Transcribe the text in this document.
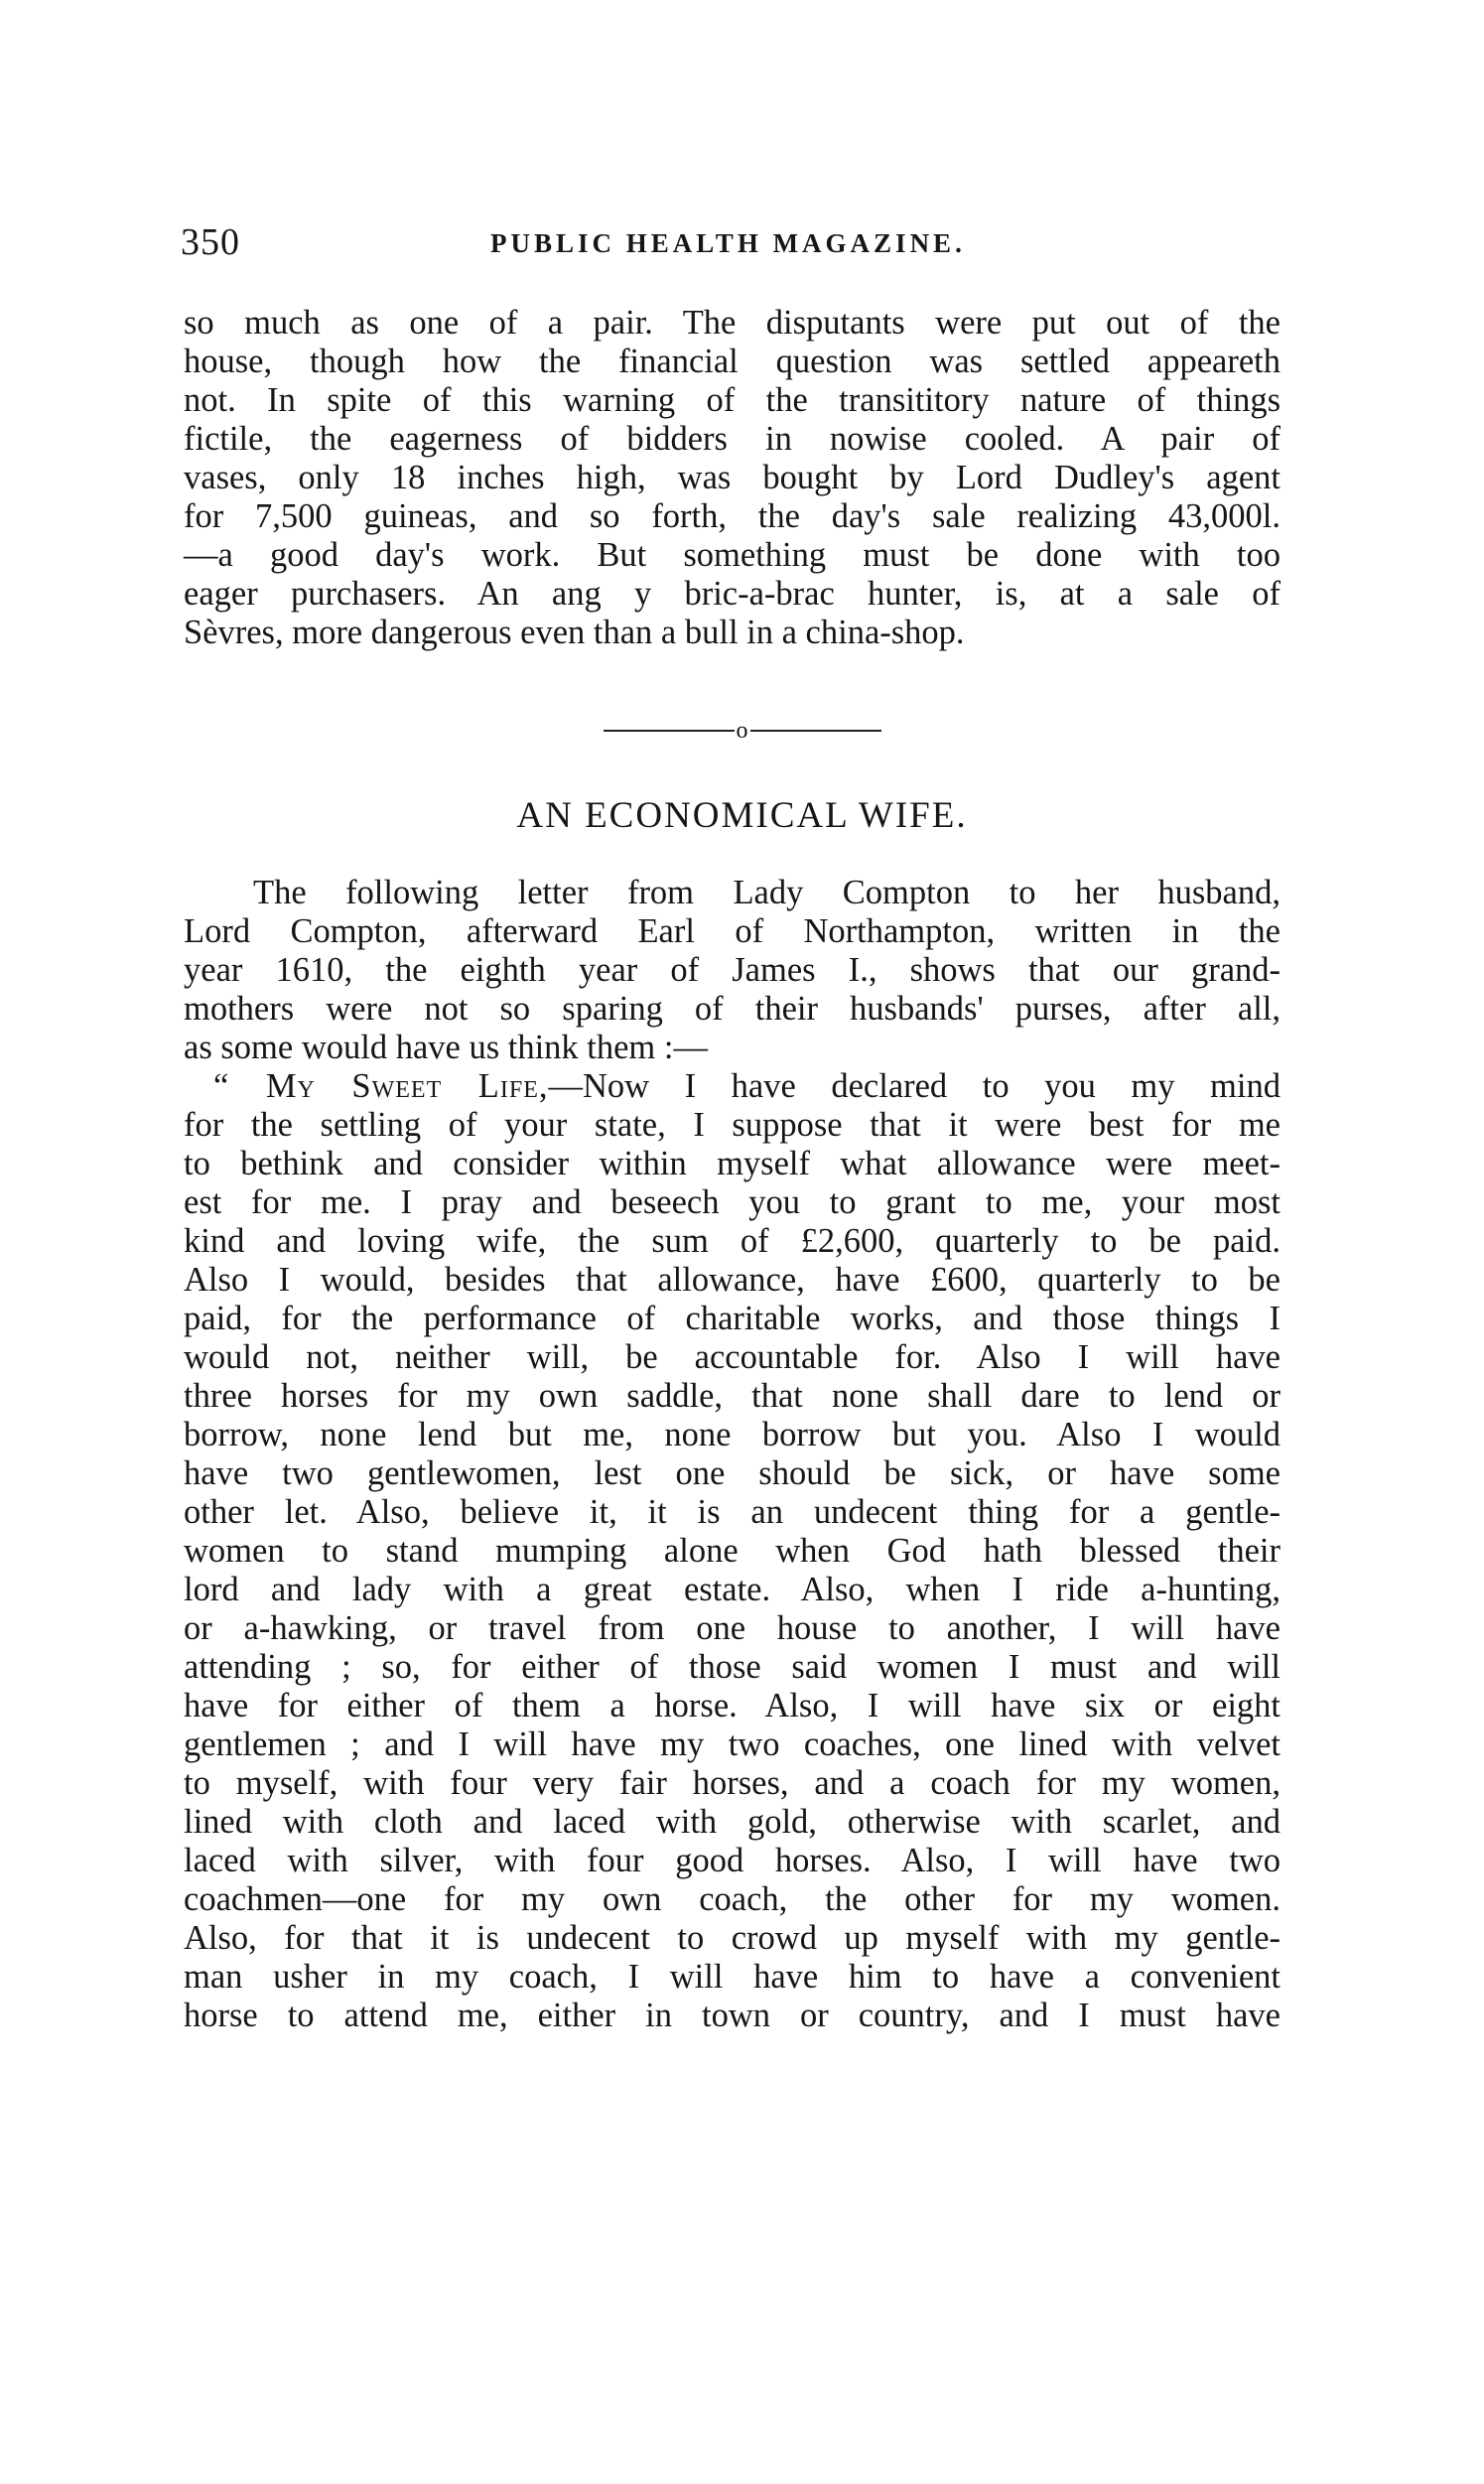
350	PUBLIC HEALTH MAGAZINE.
so much as one of a pair. The disputants were put out of the
house, though how the financial question was settled appeareth
not. In spite of this warning of the transititory nature of things
fictile, the eagerness of bidders in nowise cooled. A pair of
vases, only 18 inches high, was bought by Lord Dudley's agent
for 7,500 guineas, and so forth, the day's sale realizing 43,000l.
—a good day's work. But something must be done with too
eager purchasers. An ang y bric-a-brac hunter, is, at a sale of
Sèvres, more dangerous even than a bull in a china-shop.
o
AN ECONOMICAL WIFE.
The following letter from Lady Compton to her husband,
Lord Compton, afterward Earl of Northampton, written in the
year 1610, the eighth year of James I., shows that our grand-
mothers were not so sparing of their husbands' purses, after all,
as some would have us think them :—
“ My Sweet Life,—Now I have declared to you my mind
for the settling of your state, I suppose that it were best for me
to bethink and consider within myself what allowance were meet-
est for me. I pray and beseech you to grant to me, your most
kind and loving wife, the sum of £2,600, quarterly to be paid.
Also I would, besides that allowance, have £600, quarterly to be
paid, for the performance of charitable works, and those things I
would not, neither will, be accountable for. Also I will have
three horses for my own saddle, that none shall dare to lend or
borrow, none lend but me, none borrow but you. Also I would
have two gentlewomen, lest one should be sick, or have some
other let. Also, believe it, it is an undecent thing for a gentle-
women to stand mumping alone when God hath blessed their
lord and lady with a great estate. Also, when I ride a-hunting,
or a-hawking, or travel from one house to another, I will have
attending ; so, for either of those said women I must and will
have for either of them a horse. Also, I will have six or eight
gentlemen ; and I will have my two coaches, one lined with velvet
to myself, with four very fair horses, and a coach for my women,
lined with cloth and laced with gold, otherwise with scarlet, and
laced with silver, with four good horses. Also, I will have two
coachmen—one for my own coach, the other for my women.
Also, for that it is undecent to crowd up myself with my gentle-
man usher in my coach, I will have him to have a convenient
horse to attend me, either in town or country, and I must have
